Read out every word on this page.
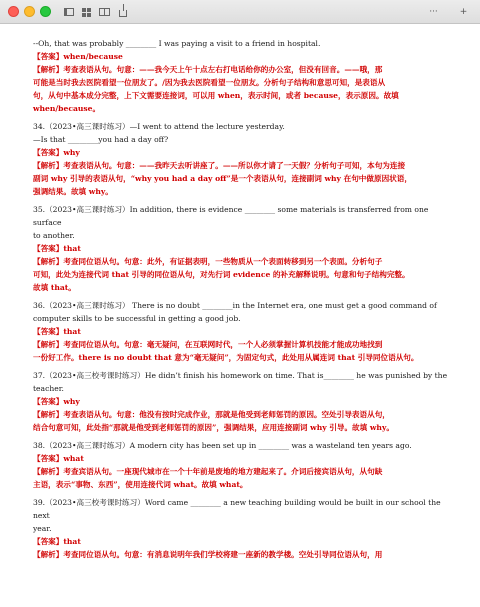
··· +
--Oh, that was probably ________ I was paying a visit to a friend in hospital.
【答案】when/because
【解析】考查表语从句。句意：——我今天上午十点左右打电话给你的办公室，但没有回音。——哦，那
可能是当时我去医院看望一位朋友了。/因为我去医院看望一位朋友。分析句子结构和意思可知，是表语从
句，从句中基本成分完整，上下文需要连接词，可以用 when，表示时间，或者 because，表示原因。故填
when/because。
34.（2023•高三课时练习）—I went to attend the lecture yesterday.
—Is that ________you had a day off?
【答案】why
【解析】考查表语从句。句意：——我昨天去听讲座了。——所以你才请了一天假？分析句子可知，本句为连接
副词 why 引导的表语从句，“why you had a day off”是一个表语从句，连接副词 why 在句中做原因状语，
强调结果。故填 why。
35.（2023•高三课时练习）In addition, there is evidence ________ some materials is transferred from one surface
to another.
【答案】that
【解析】考查同位语从句。句意：此外，有证据表明，一些物质从一个表面转移到另一个表面。分析句子
可知，此处为连接代词 that 引导的同位语从句，对先行词 evidence 的补充解释说明。句意和句子结构完整。
故填 that。
36.（2023•高三课时练习） There is no doubt ________in the Internet era, one must get a good command of
computer skills to be successful in getting a good job.
【答案】that
【解析】考查同位语从句。句意：毫无疑问，在互联网时代，一个人必须掌握计算机技能才能成功地找到
一份好工作。there is no doubt that 意为“毫无疑问”，为固定句式，此处用从属连词 that 引导同位语从句。
37.（2023•高三校考课时练习）He didn’t finish his homework on time. That is________ he was punished by the
teacher.
【答案】why
【解析】考查表语从句。句意：他没有按时完成作业，那就是他受到老师惩罚的原因。空处引导表语从句，
结合句意可知，此处指“那就是他受到老师惩罚的原因”，强调结果，应用连接副词 why 引导。故填 why。
38.（2023•高三课时练习）A modern city has been set up in ________ was a wasteland ten years ago.
【答案】what
【解析】考查宾语从句。一座现代城市在一个十年前是废地的地方建起来了。介词后接宾语从句，从句缺
主语，表示“事物、东西”，使用连接代词 what。故填 what。
39.（2023•高三校考课时练习）Word came ________ a new teaching building would be built in our school the next
year.
【答案】that
【解析】考查同位语从句。句意：有消息说明年我们学校将建一座新的教学楼。空处引导同位语从句，用
